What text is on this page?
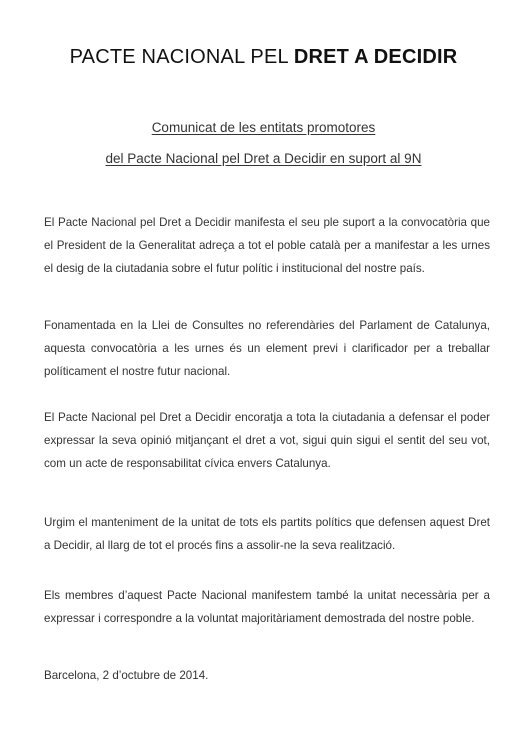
PACTE NACIONAL PEL DRET A DECIDIR
Comunicat de les entitats promotores
del Pacte Nacional pel Dret a Decidir en suport al 9N

El Pacte Nacional pel Dret a Decidir manifesta el seu ple suport a la convocatòria que el President de la Generalitat adreça a tot el poble català per a manifestar a les urnes el desig de la ciutadania sobre el futur polític i institucional del nostre país.

Fonamentada en la Llei de Consultes no referendàries del Parlament de Catalunya, aquesta convocatòria a les urnes és un element previ i clarificador per a treballar políticament el nostre futur nacional.

El Pacte Nacional pel Dret a Decidir encoratja a tota la ciutadania a defensar el poder expressar la seva opinió mitjançant el dret a vot, sigui quin sigui el sentit del seu vot, com un acte de responsabilitat cívica envers Catalunya.

Urgim el manteniment de la unitat de tots els partits polítics que defensen aquest Dret a Decidir, al llarg de tot el procés fins a assolir-ne la seva realització.

Els membres d’aquest Pacte Nacional manifestem també la unitat necessària per a expressar i correspondre a la voluntat majoritàriament demostrada del nostre poble.

Barcelona, 2 d’octubre de 2014.
